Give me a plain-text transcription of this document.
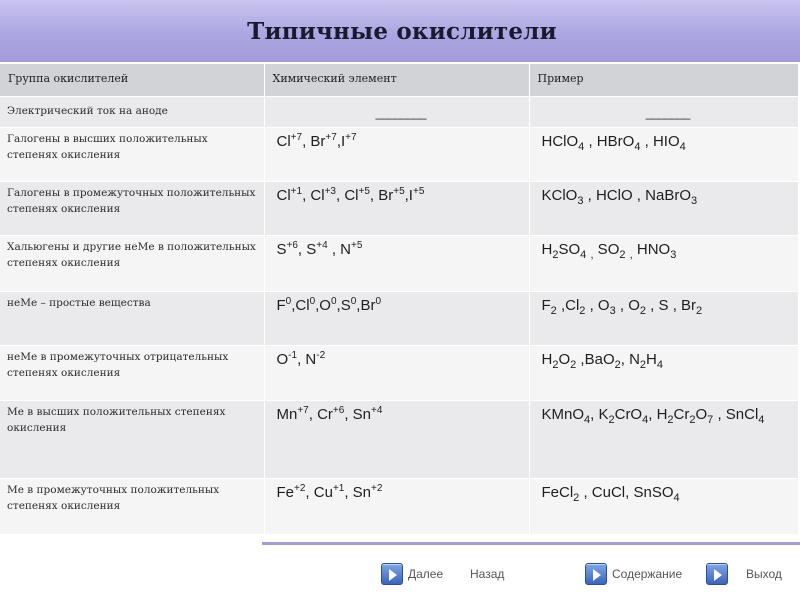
Типичные окислители
Группа окислителей	Химический элемент	Пример
Электрический ток на аноде	________	_______

Галогены в высших положительных степенях окисления	$Cl^{+7}$, $Br^{+7},I^{+7}$	HClO$_4$ , HBrO$_4$ , $HIO_4$
Галогены в промежуточных положительных степенях окисления	$Cl^{+1}$, $Cl^{+3}$, $Cl^{+5}$, $Br^{+5},I^{+5}$	KClO$_3$ , HClO , NaBrO$_3$
Хальюгены и другие неМе в положительных степенях окисления	$S^{+6}$, $S^{+4}$ , $N^{+5}$	$H_2SO_4$ $_,$ $SO_2$ $_,$ $HNO_3$
неМе – простые вещества	$F^0,Cl^0,O^0,S^0,Br^0$	$F_2$ $,Cl_2$ , $O_3$ , $O_2$ , S , $Br_2$
неМе в промежуточных отрицательных степенях окисления	$O^{-1}$, $N^{-2}$	$H_2O_2$ ,BaO$_2$, $N_2H_4$
Ме в высших положительных степенях окисления	$Mn^{+7}$, $Cr^{+6}$, $Sn^{+4}$	KMnO$_4$, $K_2CrO_4$, $H_2Cr_2O_7$ , SnCl$_4$
Ме в промежуточных положительных степенях окисления	$Fe^{+2}$, $Cu^{+1}$, $Sn^{+2}$	FeCl$_2$ , CuCl, SnSO$_4$
Далее Назад	Содержание	Выход
